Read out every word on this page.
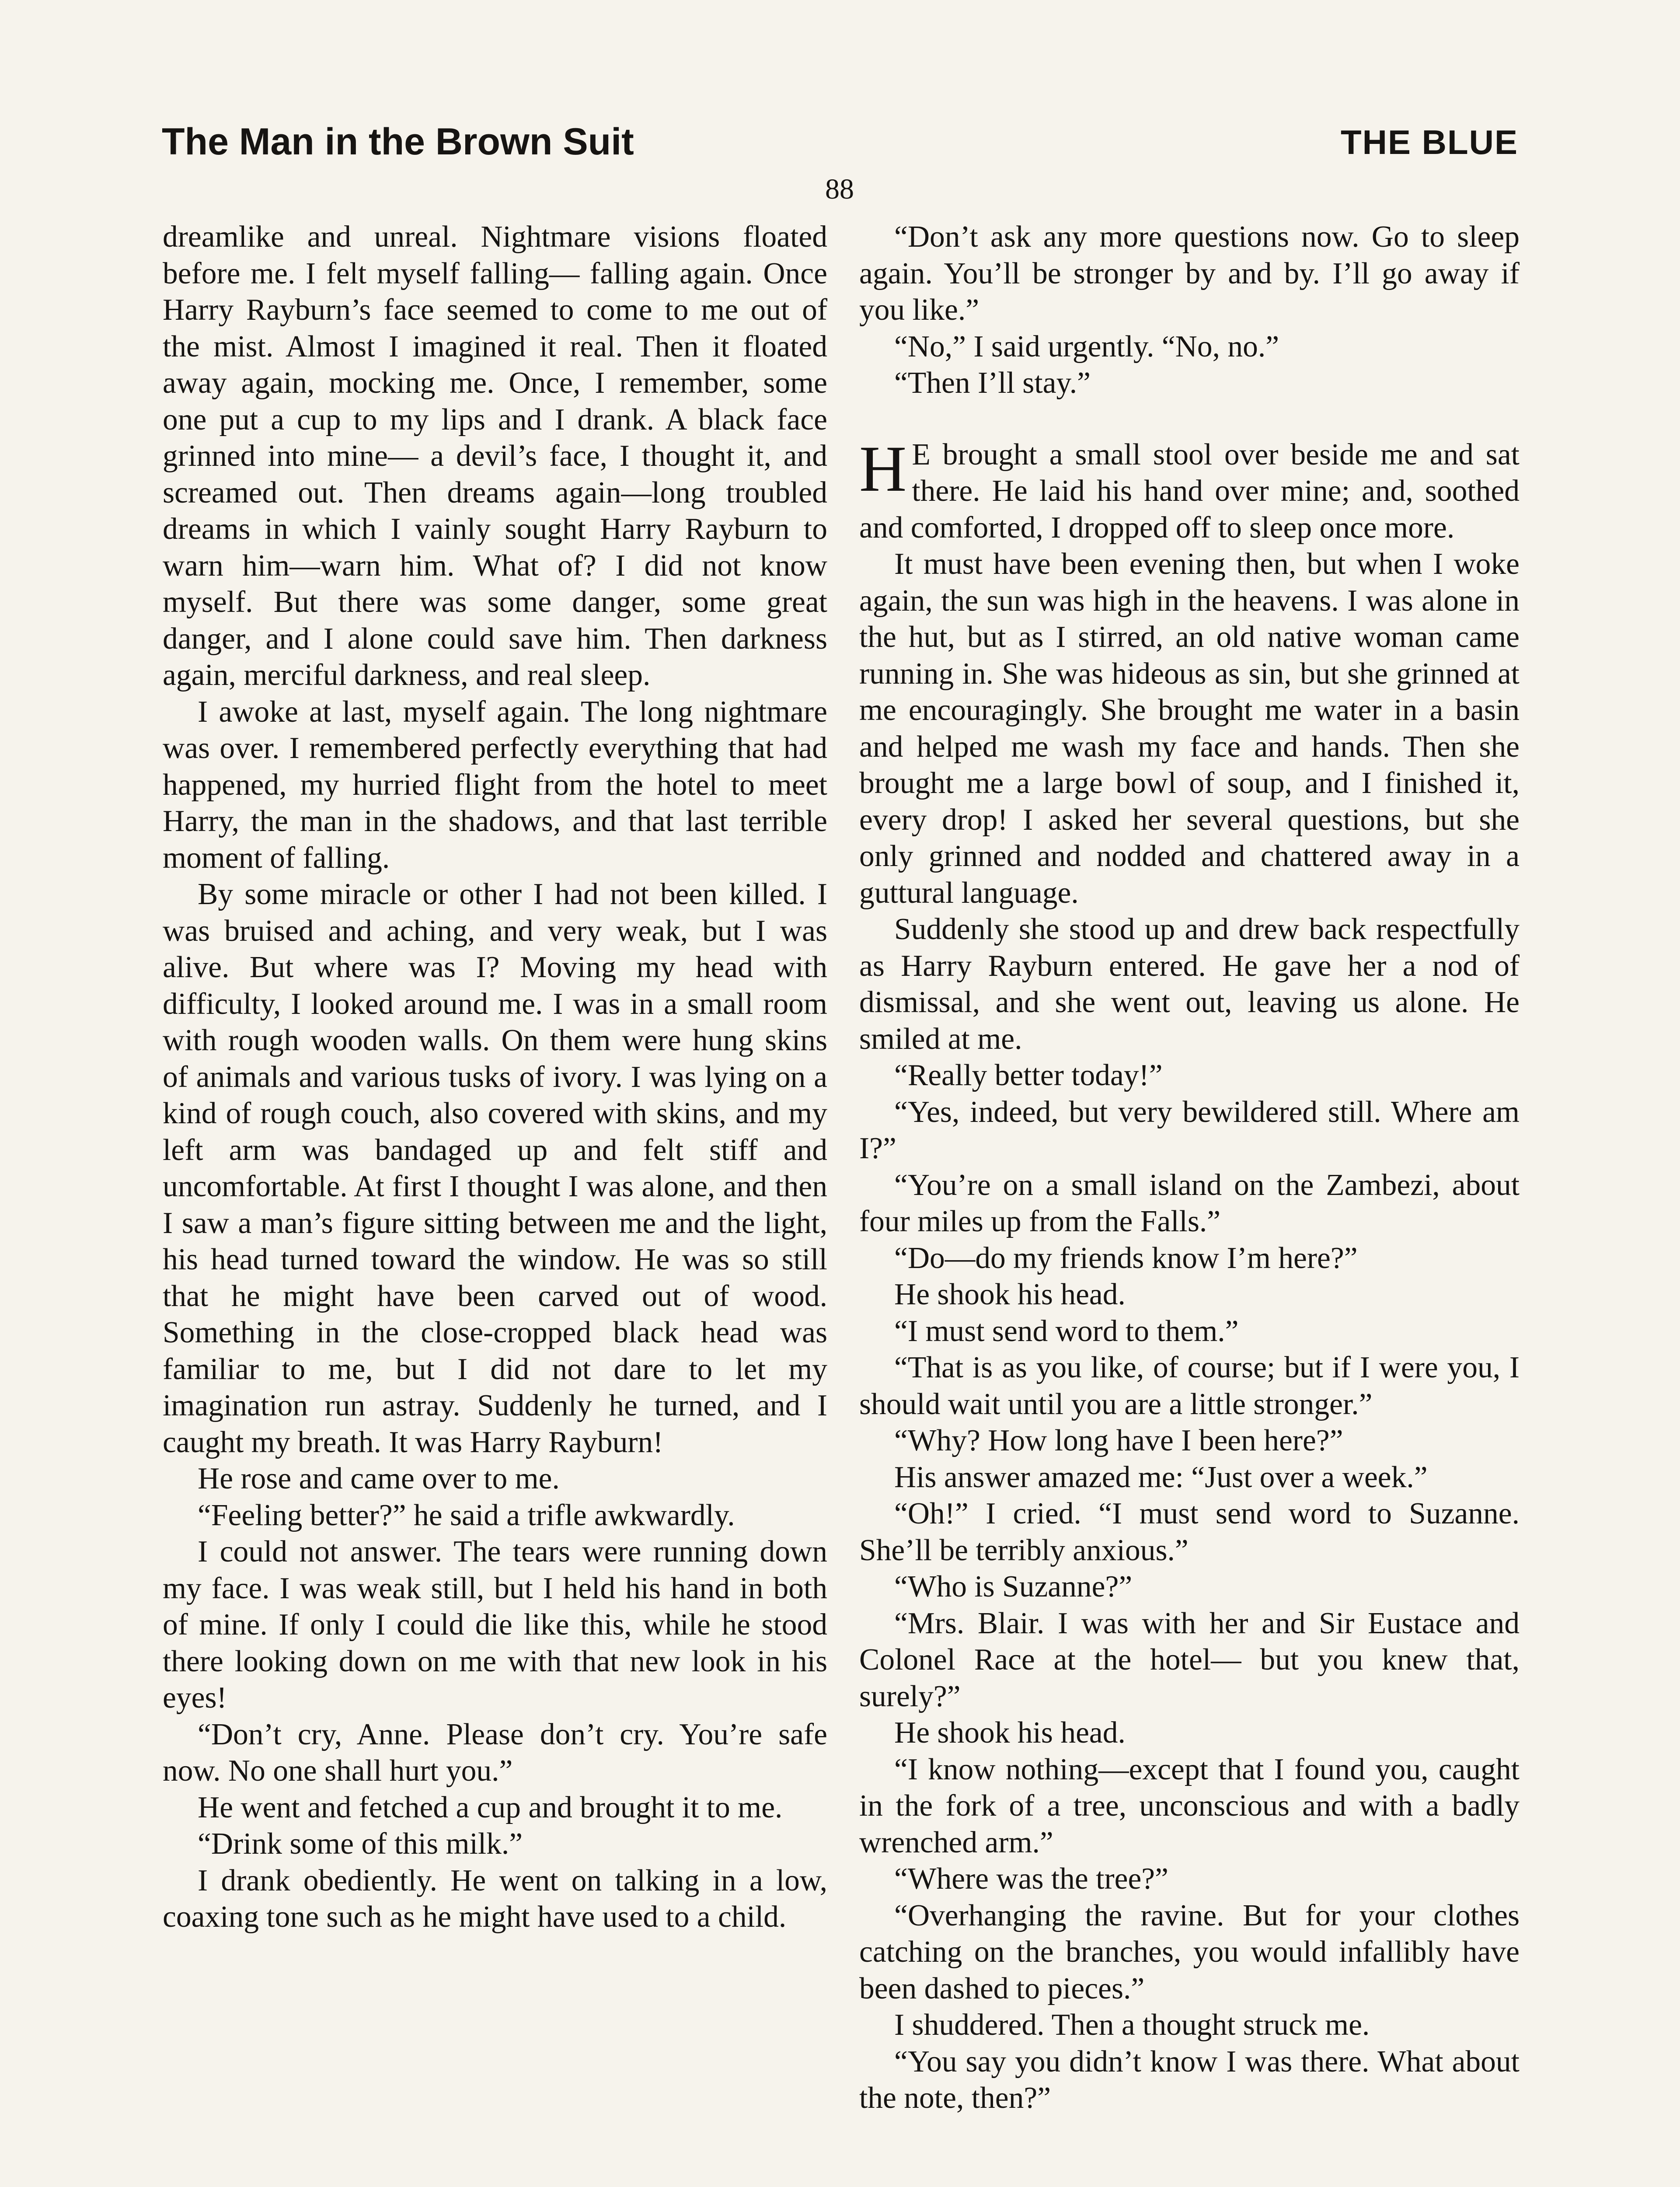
The Man in the Brown Suit	THE BLUE
88

dreamlike and unreal. Nightmare visions floated before me. I felt myself falling— falling again. Once Harry Rayburn’s face seemed to come to me out of the mist. Almost I imagined it real. Then it floated away again, mocking me. Once, I remember, some one put a cup to my lips and I drank. A black face grinned into mine— a devil’s face, I thought it, and screamed out. Then dreams again—long troubled dreams in which I vainly sought Harry Rayburn to warn him—warn him. What of? I did not know myself. But there was some danger, some great danger, and I alone could save him. Then darkness again, merciful darkness, and real sleep.

I awoke at last, myself again. The long nightmare was over. I remembered perfectly everything that had happened, my hurried flight from the hotel to meet Harry, the man in the shadows, and that last terrible moment of falling.

By some miracle or other I had not been killed. I was bruised and aching, and very weak, but I was alive. But where was I? Moving my head with difficulty, I looked around me. I was in a small room with rough wooden walls. On them were hung skins of animals and various tusks of ivory. I was lying on a kind of rough couch, also covered with skins, and my left arm was bandaged up and felt stiff and uncomfortable. At first I thought I was alone, and then I saw a man’s figure sitting between me and the light, his head turned toward the window. He was so still that he might have been carved out of wood. Something in the close-cropped black head was familiar to me, but I did not dare to let my imagination run astray. Suddenly he turned, and I caught my breath. It was Harry Rayburn!

He rose and came over to me.

“Feeling better?” he said a trifle awkwardly.

I could not answer. The tears were running down my face. I was weak still, but I held his hand in both of mine. If only I could die like this, while he stood there looking down on me with that new look in his eyes!

“Don’t cry, Anne. Please don’t cry. You’re safe now. No one shall hurt you.”

He went and fetched a cup and brought it to me.

“Drink some of this milk.”

I drank obediently. He went on talking in a low, coaxing tone such as he might have used to a child.

“Don’t ask any more questions now. Go to sleep again. You’ll be stronger by and by. I’ll go away if you like.”

“No,” I said urgently. “No, no.”

“Then I’ll stay.”

H E brought a small stool over beside me and sat there. He laid his hand over mine; and, soothed and comforted, I dropped off to sleep once more.

It must have been evening then, but when I woke again, the sun was high in the heavens. I was alone in the hut, but as I stirred, an old native woman came running in. She was hideous as sin, but she grinned at me encouragingly. She brought me water in a basin and helped me wash my face and hands. Then she brought me a large bowl of soup, and I finished it, every drop! I asked her several questions, but she only grinned and nodded and chattered away in a guttural language.

Suddenly she stood up and drew back respectfully as Harry Rayburn entered. He gave her a nod of dismissal, and she went out, leaving us alone. He smiled at me.

“Really better today!”

“Yes, indeed, but very bewildered still. Where am I?”

“You’re on a small island on the Zambezi, about four miles up from the Falls.”

“Do—do my friends know I’m here?”

He shook his head.

“I must send word to them.”

“That is as you like, of course; but if I were you, I should wait until you are a little stronger.”

“Why? How long have I been here?”

His answer amazed me: “Just over a week.”

“Oh!” I cried. “I must send word to Suzanne. She’ll be terribly anxious.”

“Who is Suzanne?”

“Mrs. Blair. I was with her and Sir Eustace and Colonel Race at the hotel— but you knew that, surely?”

He shook his head.

“I know nothing—except that I found you, caught in the fork of a tree, unconscious and with a badly wrenched arm.”

“Where was the tree?”

“Overhanging the ravine. But for your clothes catching on the branches, you would infallibly have been dashed to pieces.”

I shuddered. Then a thought struck me.

“You say you didn’t know I was there. What about the note, then?”
